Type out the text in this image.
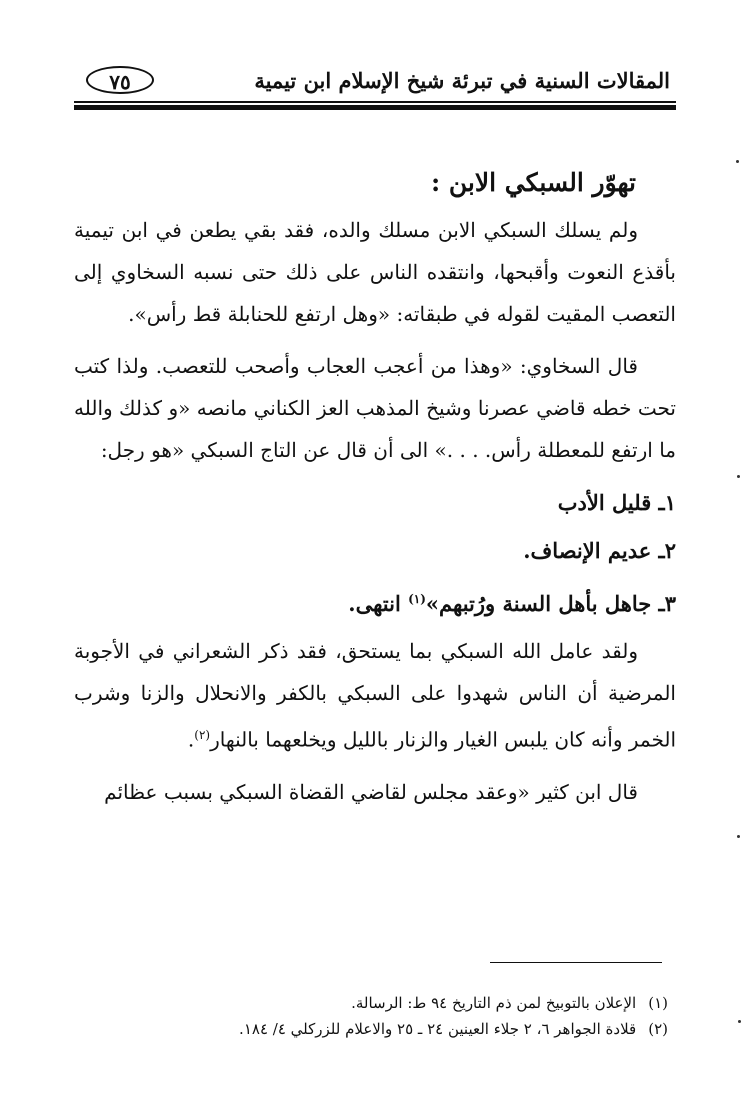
المقالات السنية في تبرئة شيخ الإسلام ابن تيمية
٧٥
تهوّر السبكي الابن :

ولم يسلك السبكي الابن مسلك والده، فقد بقي يطعن في ابن تيمية بأقذع النعوت وأقبحها، وانتقده الناس على ذلك حتى نسبه السخاوي إلى التعصب المقيت لقوله في طبقاته: «وهل ارتفع للحنابلة قط رأس».

قال السخاوي: «وهذا من أعجب العجاب وأصحب للتعصب. ولذا كتب تحت خطه قاضي عصرنا وشيخ المذهب العز الكناني مانصه «و كذلك والله ما ارتفع للمعطلة رأس. . . .» الى أن قال عن التاج السبكي «هو رجل:

١ـ قليل الأدب
٢ـ عديم الإنصاف.
٣ـ جاهل بأهل السنة ورُتبهم»$^{(١)}$ انتهى.

ولقد عامل الله السبكي بما يستحق، فقد ذكر الشعراني في الأجوبة المرضية أن الناس شهدوا على السبكي بالكفر والانحلال والزنا وشرب الخمر وأنه كان يلبس الغيار والزنار بالليل ويخلعهما بالنهار$^{(٢)}$.

قال ابن كثير «وعقد مجلس لقاضي القضاة السبكي بسبب عظائم

(١)الإعلان بالتوبيخ لمن ذم التاريخ ٩٤ ط: الرسالة.
(٢)قلادة الجواهر ٦، ٢ جلاء العينين ٢٤ ـ ٢٥ والاعلام للزركلي ٤/ ١٨٤.
